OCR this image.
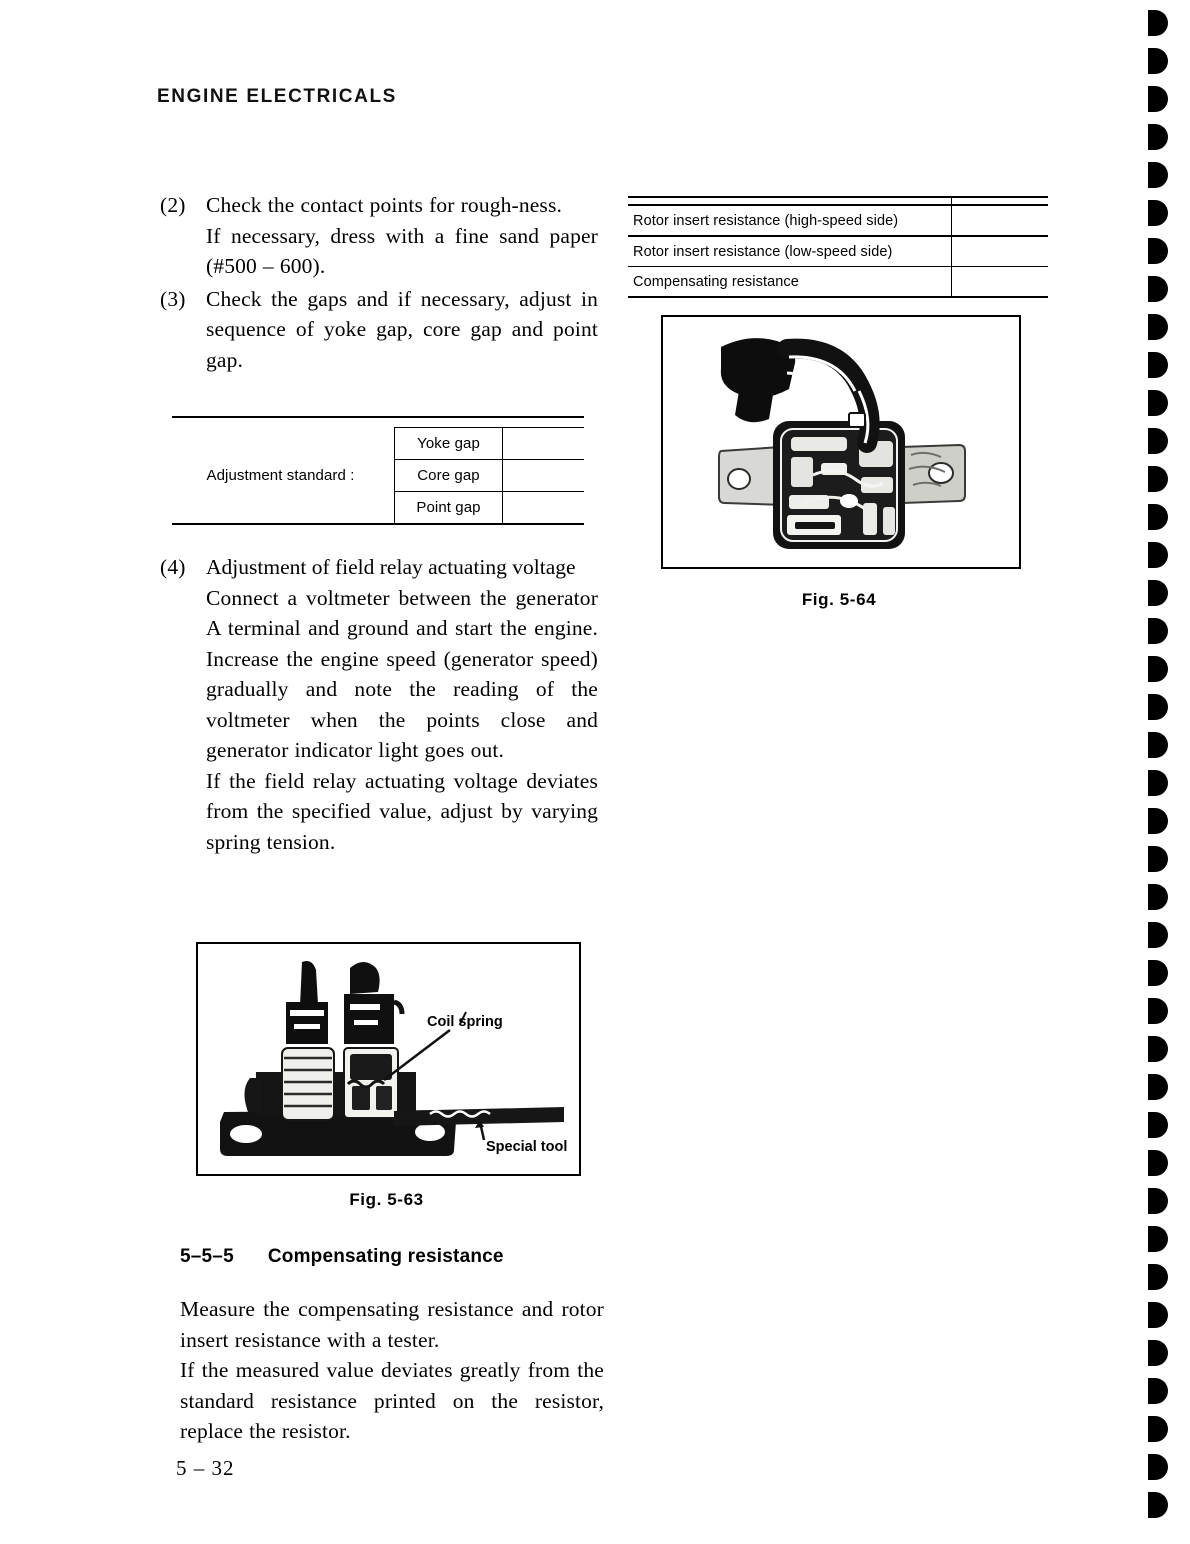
ENGINE ELECTRICALS
(2) Check the contact points for rough-ness.

If necessary, dress with a fine sand paper (#500 – 600).

(3) Check the gaps and if necessary, adjust in sequence of yoke gap, core gap and point gap.

Adjustment standard :	Yoke gap	
	Core gap	
	Point gap	

(4) Adjustment of field relay actuating voltage

Connect a voltmeter between the generator A terminal and ground and start the engine. Increase the engine speed (generator speed) gradually and note the reading of the voltmeter when the points close and generator indicator light goes out.

If the field relay actuating voltage deviates from the specified value, adjust by varying spring tension.

Rotor insert resistance (high-speed side)	
Rotor insert resistance (low-speed side)	
Compensating resistance	
Fig. 5-64
Coil spring
Special tool
Fig. 5-63
5–5–5 Compensating resistance

Measure the compensating resistance and rotor insert resistance with a tester.

If the measured value deviates greatly from the standard resistance printed on the resistor, replace the resistor.

5 – 32
